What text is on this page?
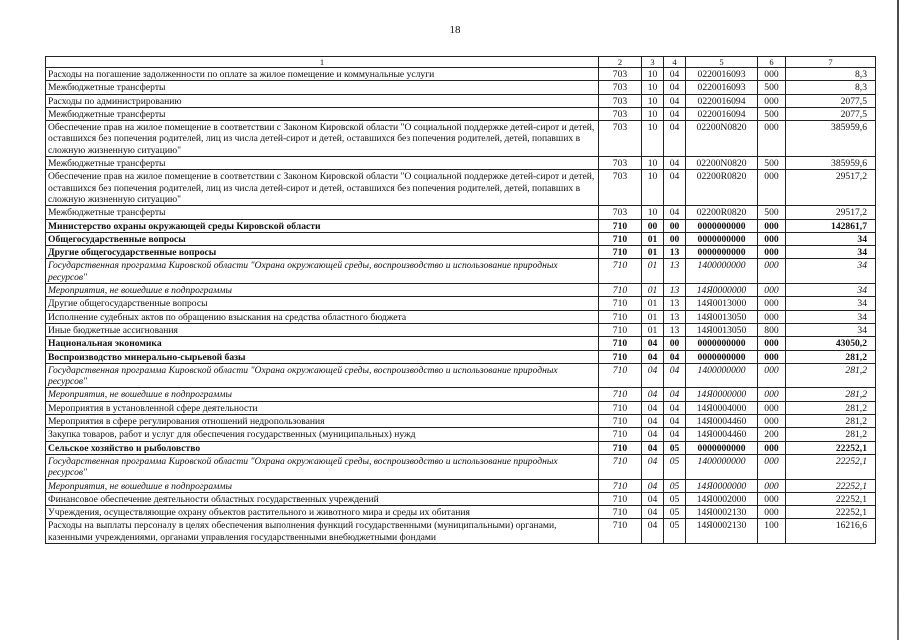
18
1	2	3	4	5	6	7
Расходы на погашение задолженности по оплате за жилое помещение и коммунальные услуги	703	10	04	0220016093	000	8,3
Межбюджетные трансферты	703	10	04	0220016093	500	8,3
Расходы по администрированию	703	10	04	0220016094	000	2077,5
Межбюджетные трансферты	703	10	04	0220016094	500	2077,5
Обеспечение прав на жилое помещение в соответствии с Законом Кировской области "О социальной поддержке детей-сирот и детей, оставшихся без попечения родителей, лиц из числа детей-сирот и детей, оставшихся без попечения родителей, детей, попавших в сложную жизненную ситуацию"	703	10	04	02200N0820	000	385959,6
Межбюджетные трансферты	703	10	04	02200N0820	500	385959,6
Обеспечение прав на жилое помещение в соответствии с Законом Кировской области "О социальной поддержке детей-сирот и детей, оставшихся без попечения родителей, лиц из числа детей-сирот и детей, оставшихся без попечения родителей, детей, попавших в сложную жизненную ситуацию"	703	10	04	02200R0820	000	29517,2
Межбюджетные трансферты	703	10	04	02200R0820	500	29517,2
Министерство охраны окружающей среды Кировской области	710	00	00	0000000000	000	142861,7
Общегосударственные вопросы	710	01	00	0000000000	000	34
Другие общегосударственные вопросы	710	01	13	0000000000	000	34
Государственная программа Кировской области "Охрана окружающей среды, воспроизводство и использование природных ресурсов"	710	01	13	1400000000	000	34
Мероприятия, не вошедшие в подпрограммы	710	01	13	14Я0000000	000	34
Другие общегосударственные вопросы	710	01	13	14Я0013000	000	34
Исполнение судебных актов по обращению взыскания на средства областного бюджета	710	01	13	14Я0013050	000	34
Иные бюджетные ассигнования	710	01	13	14Я0013050	800	34
Национальная экономика	710	04	00	0000000000	000	43050,2
Воспроизводство минерально-сырьевой базы	710	04	04	0000000000	000	281,2
Государственная программа Кировской области "Охрана окружающей среды, воспроизводство и использование природных ресурсов"	710	04	04	1400000000	000	281,2
Мероприятия, не вошедшие в подпрограммы	710	04	04	14Я0000000	000	281,2
Мероприятия в установленной сфере деятельности	710	04	04	14Я0004000	000	281,2
Мероприятия в сфере регулирования отношений недропользования	710	04	04	14Я0004460	000	281,2
Закупка товаров, работ и услуг для обеспечения государственных (муниципальных) нужд	710	04	04	14Я0004460	200	281,2
Сельское хозяйство и рыболовство	710	04	05	0000000000	000	22252,1
Государственная программа Кировской области "Охрана окружающей среды, воспроизводство и использование природных ресурсов"	710	04	05	1400000000	000	22252,1
Мероприятия, не вошедшие в подпрограммы	710	04	05	14Я0000000	000	22252,1
Финансовое обеспечение деятельности областных государственных учреждений	710	04	05	14Я0002000	000	22252,1
Учреждения, осуществляющие охрану объектов растительного и животного мира и среды их обитания	710	04	05	14Я0002130	000	22252,1
Расходы на выплаты персоналу в целях обеспечения выполнения функций государственными (муниципальными) органами, казенными учреждениями, органами управления государственными внебюджетными фондами	710	04	05	14Я0002130	100	16216,6
